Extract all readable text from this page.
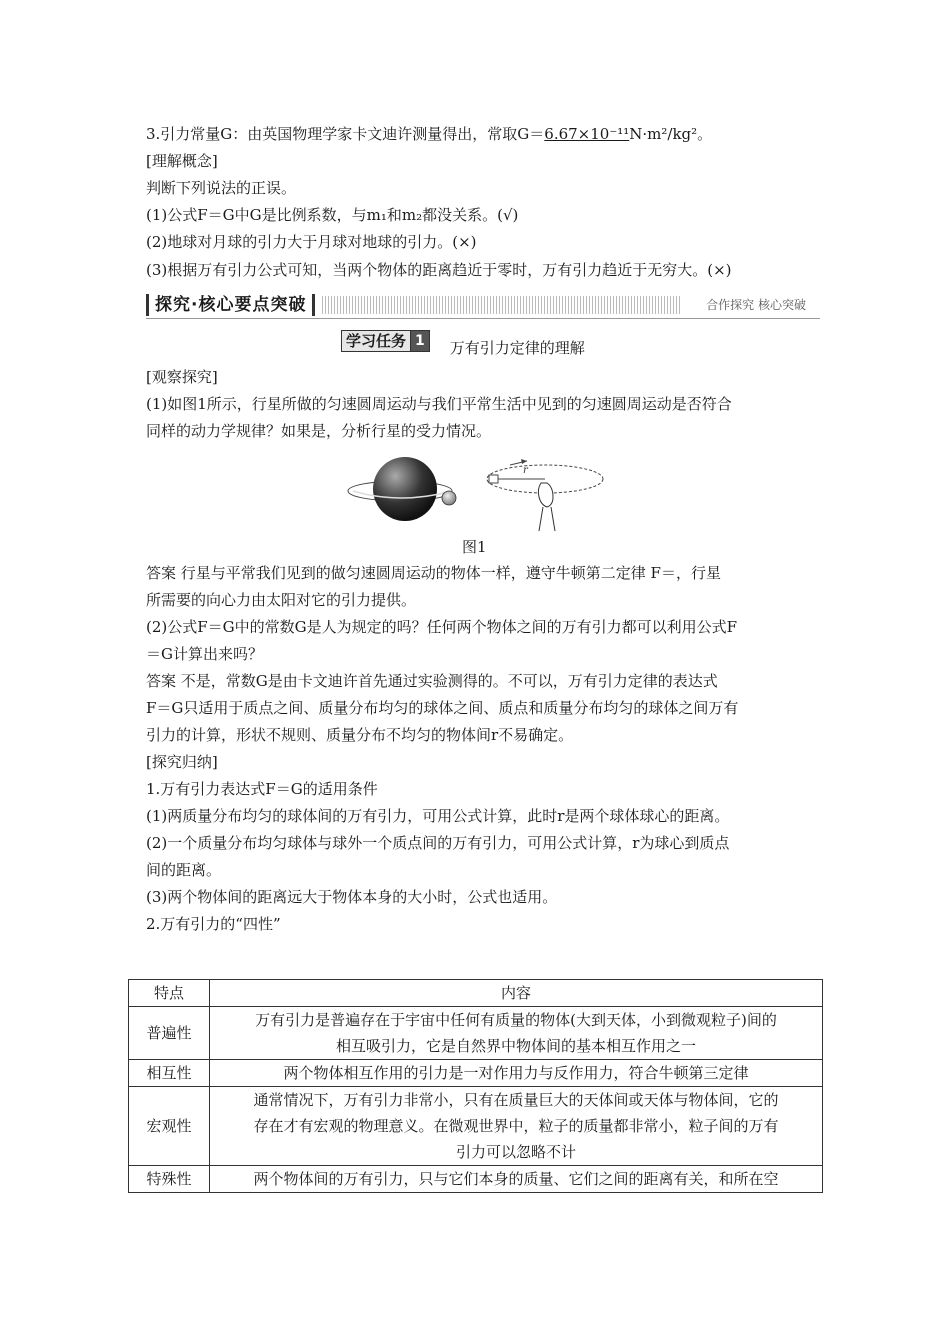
3.引力常量G：由英国物理学家卡文迪许测量得出，常取G＝6.67×10⁻¹¹N·m²/kg²。
[理解概念]
判断下列说法的正误。
(1)公式F＝G中G是比例系数，与m₁和m₂都没关系。(√)
(2)地球对月球的引力大于月球对地球的引力。(×)
(3)根据万有引力公式可知，当两个物体的距离趋近于零时，万有引力趋近于无穷大。(×)
探究·核心要点突破	合作探究 核心突破
学习任务 1	万有引力定律的理解
[观察探究]
(1)如图1所示，行星所做的匀速圆周运动与我们平常生活中见到的匀速圆周运动是否符合
同样的动力学规律？如果是，分析行星的受力情况。
r
图1
答案 行星与平常我们见到的做匀速圆周运动的物体一样，遵守牛顿第二定律 F＝，行星
所需要的向心力由太阳对它的引力提供。
(2)公式F＝G中的常数G是人为规定的吗？任何两个物体之间的万有引力都可以利用公式F
＝G计算出来吗？
答案 不是，常数G是由卡文迪许首先通过实验测得的。不可以，万有引力定律的表达式
F＝G只适用于质点之间、质量分布均匀的球体之间、质点和质量分布均匀的球体之间万有
引力的计算，形状不规则、质量分布不均匀的物体间r不易确定。
[探究归纳]
1.万有引力表达式F＝G的适用条件
(1)两质量分布均匀的球体间的万有引力，可用公式计算，此时r是两个球体球心的距离。
(2)一个质量分布均匀球体与球外一个质点间的万有引力，可用公式计算，r为球心到质点
间的距离。
(3)两个物体间的距离远大于物体本身的大小时，公式也适用。
2.万有引力的“四性”
特点	内容
普遍性	万有引力是普遍存在于宇宙中任何有质量的物体(大到天体，小到微观粒子)间的
相互吸引力，它是自然界中物体间的基本相互作用之一

相互性	两个物体相互作用的引力是一对作用力与反作用力，符合牛顿第三定律

宏观性	通常情况下，万有引力非常小，只有在质量巨大的天体间或天体与物体间，它的
存在才有宏观的物理意义。在微观世界中，粒子的质量都非常小，粒子间的万有
引力可以忽略不计

特殊性	两个物体间的万有引力，只与它们本身的质量、它们之间的距离有关，和所在空
